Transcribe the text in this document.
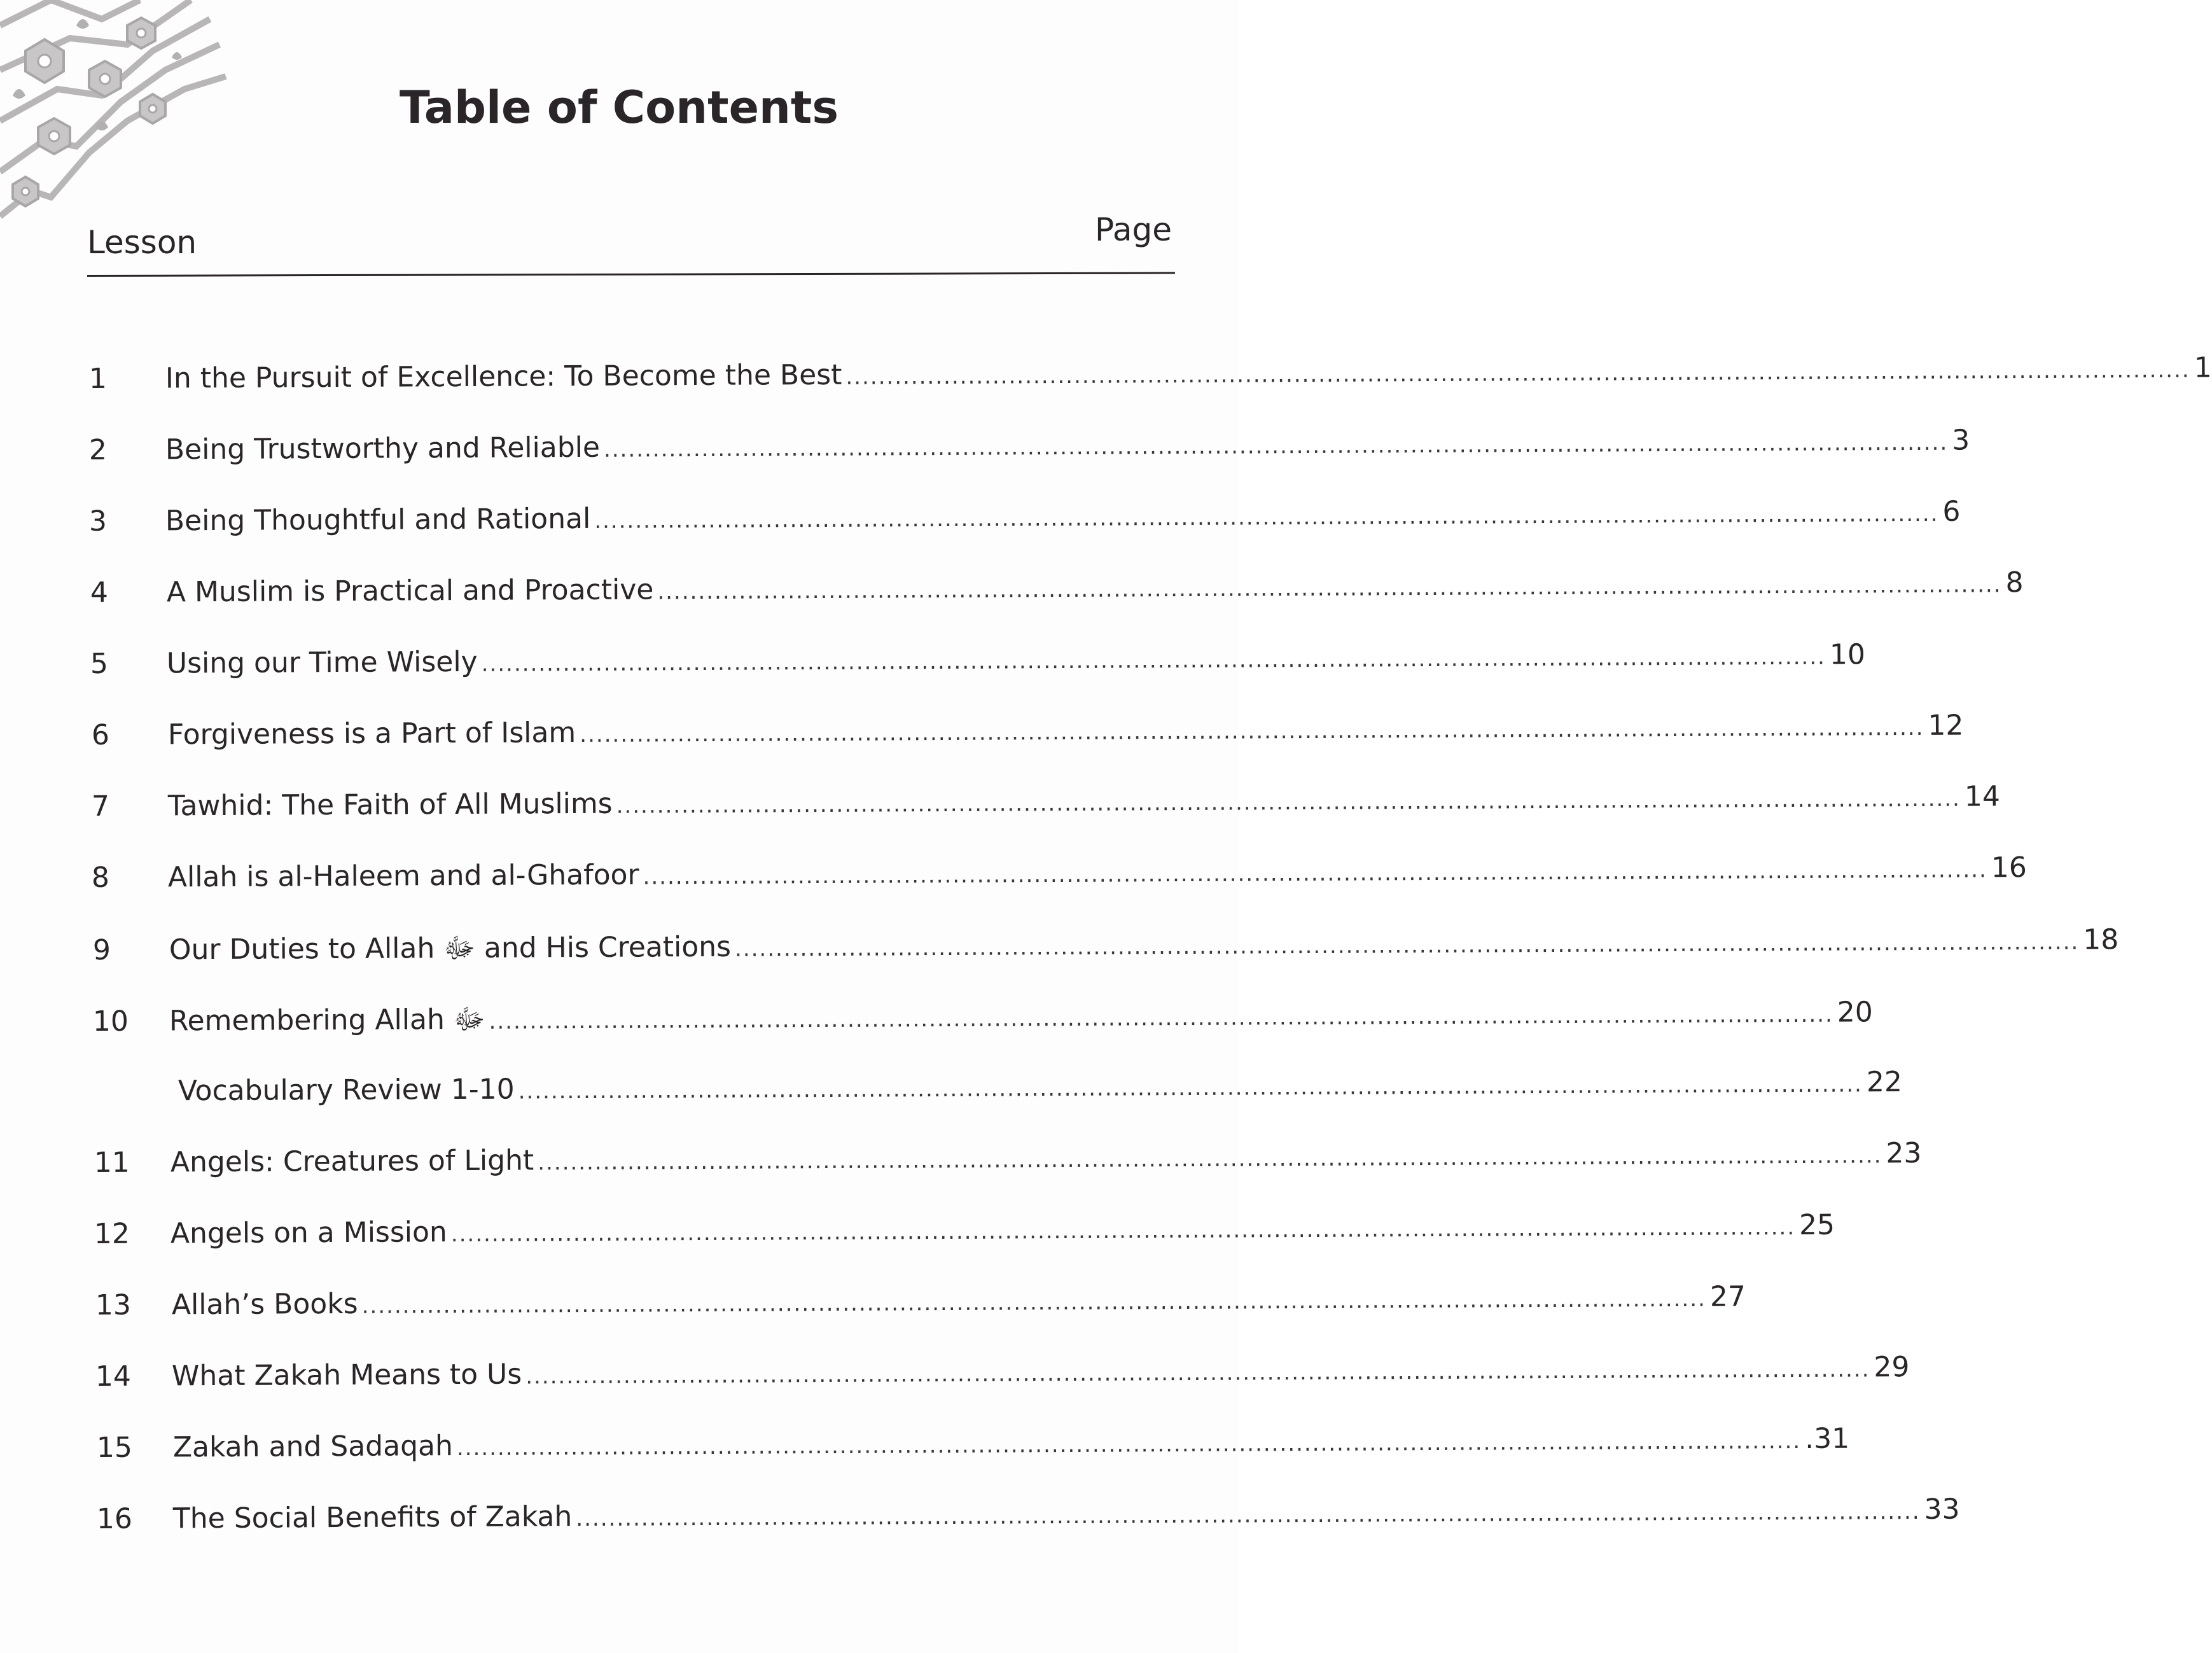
Table of Contents
Lesson	Page
1	In the Pursuit of Excellence: To Become the Best ..................................................................................................................................................................... 1
2	Being Trustworthy and Reliable ..................................................................................................................................................................... 3
3	Being Thoughtful and Rational ..................................................................................................................................................................... 6
4	A Muslim is Practical and Proactive ..................................................................................................................................................................... 8
5	Using our Time Wisely ..................................................................................................................................................................... 10
6	Forgiveness is a Part of Islam ..................................................................................................................................................................... 12
7	Tawhid: The Faith of All Muslims ..................................................................................................................................................................... 14
8	Allah is al-Haleem and al-Ghafoor ..................................................................................................................................................................... 16
9	Our Duties to Allah ﷻ and His Creations ..................................................................................................................................................................... 18
10	Remembering Allah ﷻ ..................................................................................................................................................................... 20
Vocabulary Review 1-10 ..................................................................................................................................................................... 22
11	Angels: Creatures of Light ..................................................................................................................................................................... 23
12	Angels on a Mission ..................................................................................................................................................................... 25
13	Allah’s Books ..................................................................................................................................................................... 27
14	What Zakah Means to Us ..................................................................................................................................................................... 29
15	Zakah and Sadaqah ..................................................................................................................................................................... .31
16	The Social Benefits of Zakah ..................................................................................................................................................................... 33
